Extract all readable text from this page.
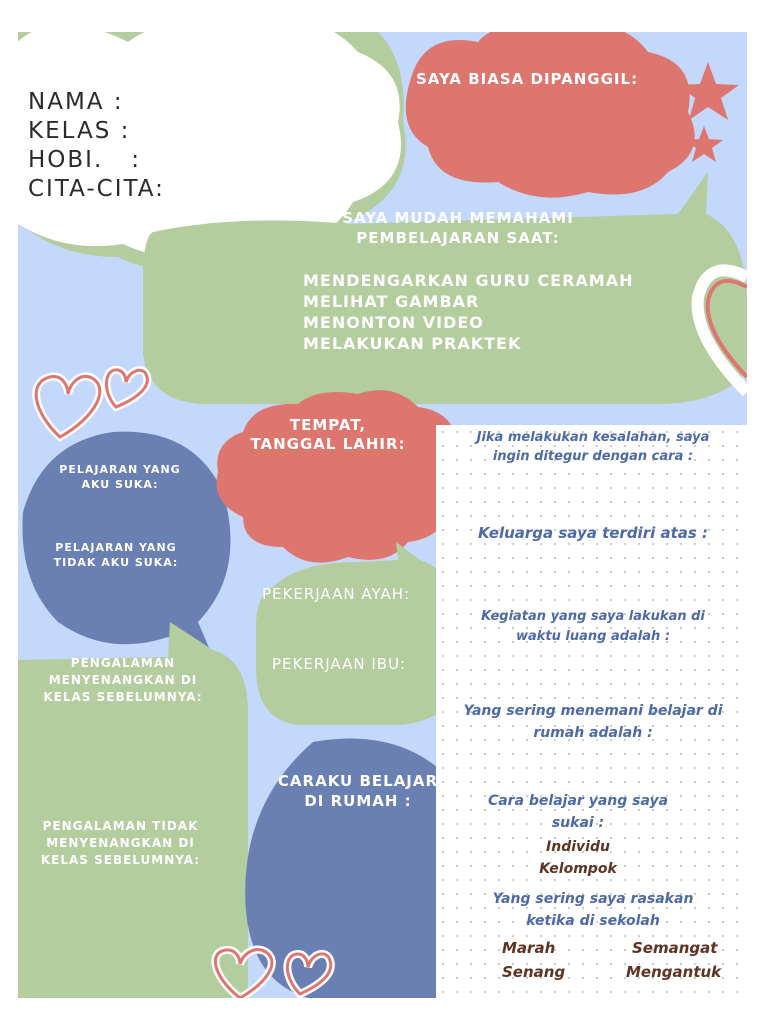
NAMA :
KELAS :
HOBI.   :
CITA-CITA:
SAYA BIASA DIPANGGIL:
SAYA MUDAH MEMAHAMI
PEMBELAJARAN SAAT:
MENDENGARKAN GURU CERAMAH
MELIHAT GAMBAR
MENONTON VIDEO
MELAKUKAN PRAKTEK
TEMPAT,
TANGGAL LAHIR:
PELAJARAN YANG
AKU SUKA:
PELAJARAN YANG
TIDAK AKU SUKA:
PEKERJAAN AYAH:
PEKERJAAN IBU:
PENGALAMAN
MENYENANGKAN DI
KELAS SEBELUMNYA:
PENGALAMAN TIDAK
MENYENANGKAN DI
KELAS SEBELUMNYA:
CARAKU BELAJAR
DI RUMAH :
Jika melakukan kesalahan, saya
ingin ditegur dengan cara :
Keluarga saya terdiri atas :
Kegiatan yang saya lakukan di
waktu luang adalah :
Yang sering menemani belajar di
rumah adalah :
Cara belajar yang saya
sukai :
Individu
Kelompok
Yang sering saya rasakan
ketika di sekolah
Marah	Semangat
Senang	Mengantuk
